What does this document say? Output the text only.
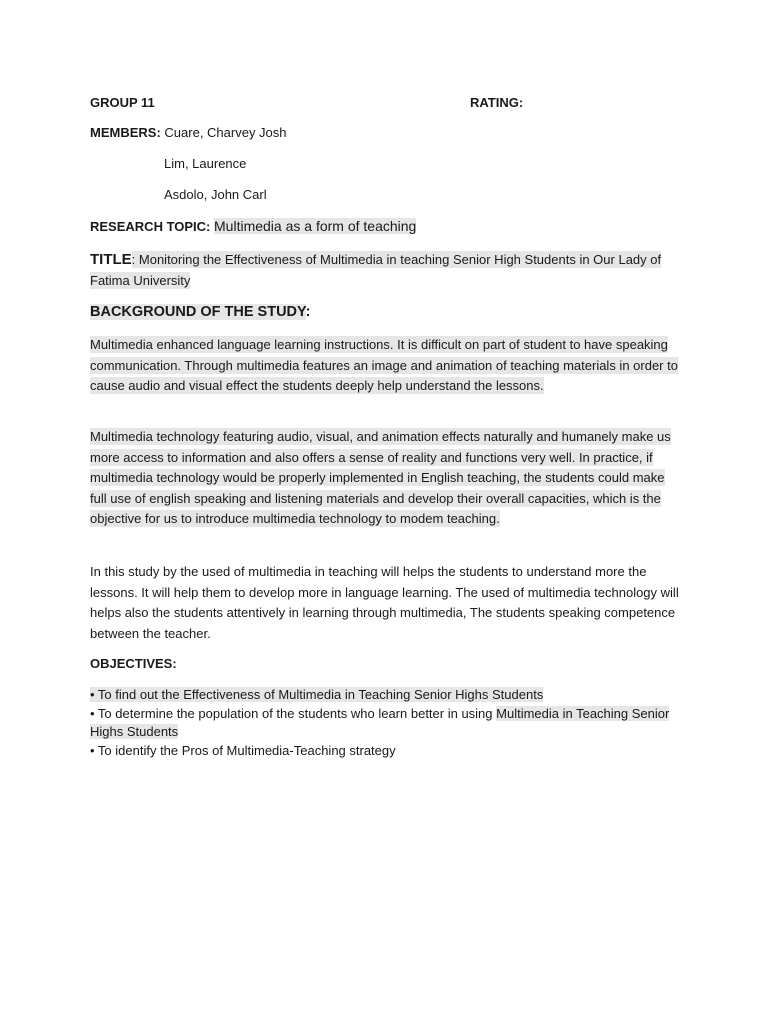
GROUP 11	RATING:
MEMBERS: Cuare, Charvey Josh
Lim, Laurence
Asdolo, John Carl
RESEARCH TOPIC: Multimedia as a form of teaching
TITLE: Monitoring the Effectiveness of Multimedia in teaching Senior High Students in Our Lady of Fatima University
BACKGROUND OF THE STUDY:
Multimedia enhanced language learning instructions. It is difficult on part of student to have speaking communication. Through multimedia features an image and animation of teaching materials in order to cause audio and visual effect the students deeply help understand the lessons.
Multimedia technology featuring audio, visual, and animation effects naturally and humanely make us more access to information and also offers a sense of reality and functions very well. In practice, if multimedia technology would be properly implemented in English teaching, the students could make full use of english speaking and listening materials and develop their overall capacities, which is the objective for us to introduce multimedia technology to modem teaching.
In this study by the used of multimedia in teaching will helps the students to understand more the lessons. It will help them to develop more in language learning. The used of multimedia technology will helps also the students attentively in learning through multimedia, The students speaking competence between the teacher.
OBJECTIVES:
• To find out the Effectiveness of Multimedia in Teaching Senior Highs Students
• To determine the population of the students who learn better in using Multimedia in Teaching Senior Highs Students
• To identify the Pros of Multimedia-Teaching strategy
